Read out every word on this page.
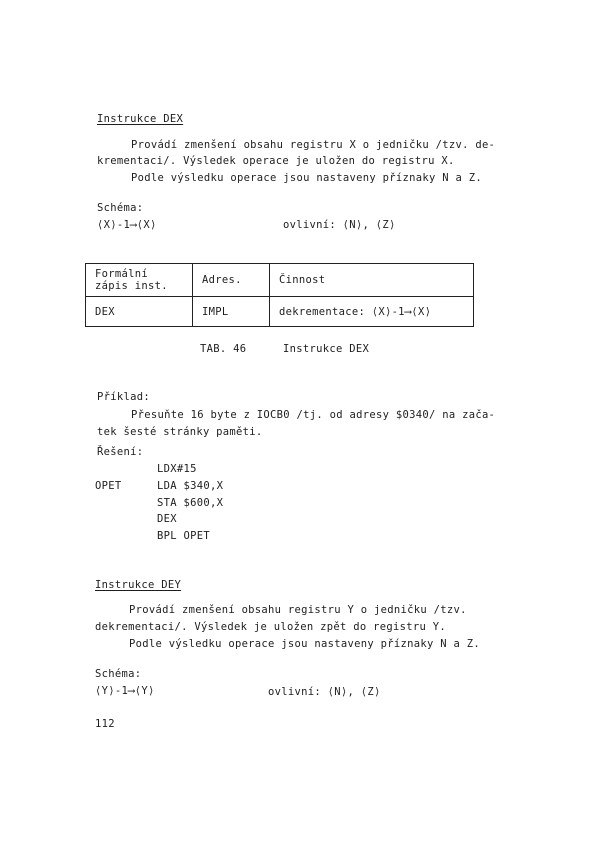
Instrukce DEX
Provádí zmenšení obsahu registru X o jedničku /tzv. de-
krementaci/. Výsledek operace je uložen do registru X.
Podle výsledku operace jsou nastaveny příznaky N a Z.
Schéma:
⟨X⟩-1⟶⟨X⟩	ovlivní: ⟨N⟩, ⟨Z⟩
Formální
zápis inst.	Adres.	Činnost
DEX	IMPL	dekrementace: ⟨X⟩-1⟶⟨X⟩
TAB. 46	Instrukce DEX
Příklad:
Přesuňte 16 byte z IOCB0 /tj. od adresy $0340/ na zača-
tek šesté stránky paměti.
Řešení:
LDX#15
OPET	LDA $340,X
STA $600,X
DEX
BPL OPET
Instrukce DEY
Provádí zmenšení obsahu registru Y o jedničku /tzv.
dekrementaci/. Výsledek je uložen zpět do registru Y.
Podle výsledku operace jsou nastaveny příznaky N a Z.
Schéma:
⟨Y⟩-1⟶⟨Y⟩	ovlivní: ⟨N⟩, ⟨Z⟩
112
